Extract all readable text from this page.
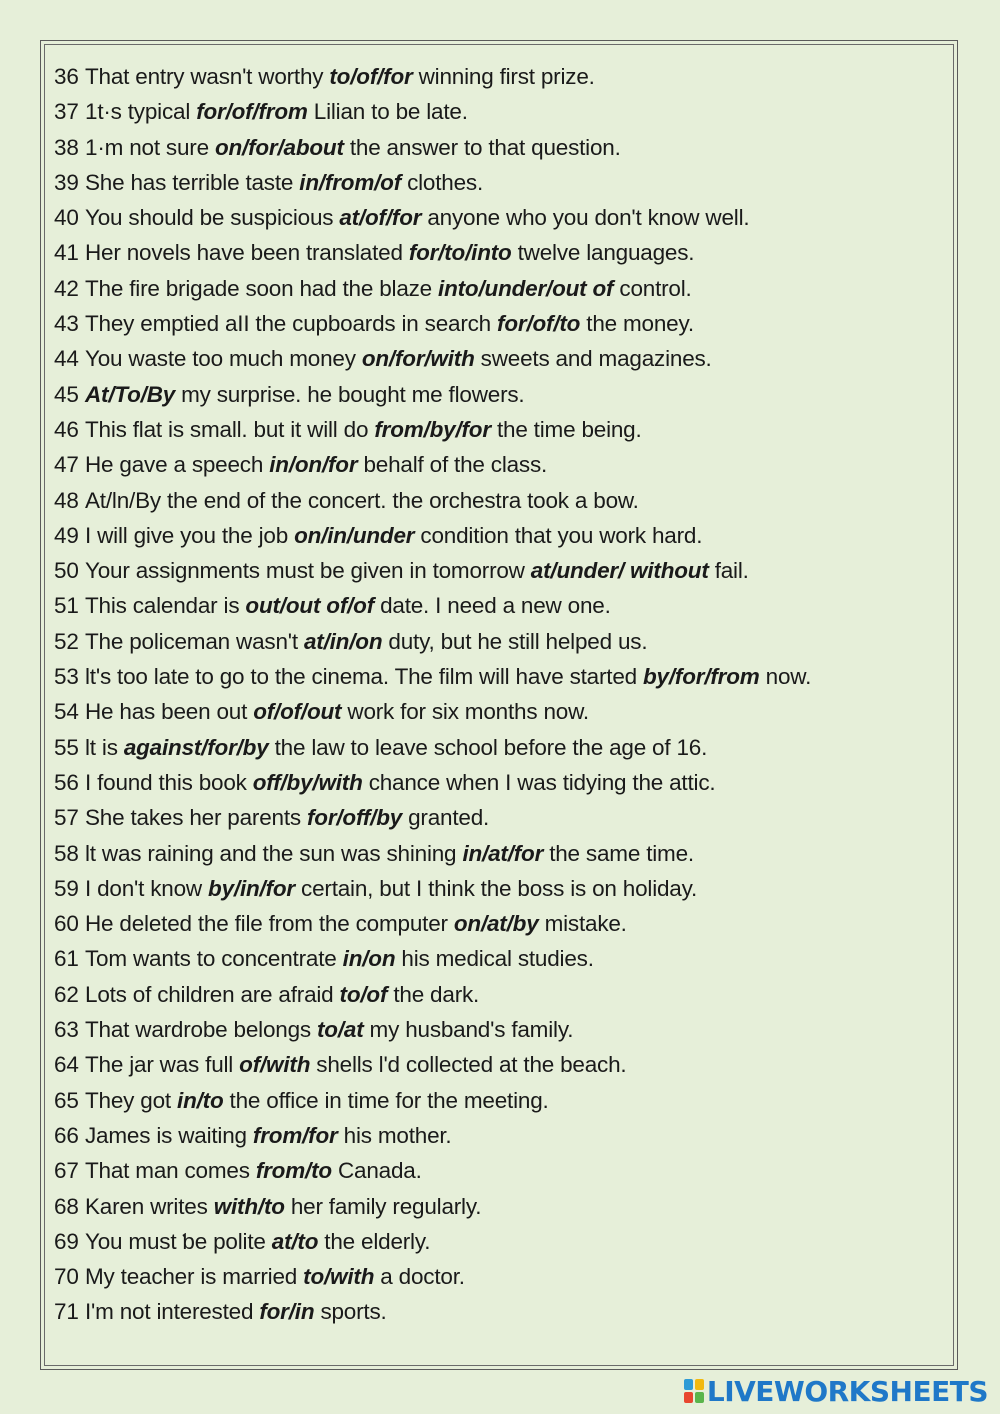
36 That entry wasn't worthy to/of/for winning first prize.
37 1t·s typical for/of/from Lilian to be late.
38 1·m not sure on/for/about the answer to that question.
39 She has terrible taste in/from/of clothes.
40 You should be suspicious at/of/for anyone who you don't know well.
41 Her novels have been translated for/to/into twelve languages.
42 The fire brigade soon had the blaze into/under/out of control.
43 They emptied aII the cupboards in search for/of/to the money.
44 You waste too much money on/for/with sweets and magazines.
45 At/To/By my surprise. he bought me flowers.
46 This flat is small. but it will do from/by/for the time being.
47 He gave a speech in/on/for behalf of the class.
48 At/ln/By the end of the concert. the orchestra took a bow.
49 I will give you the job on/in/under condition that you work hard.
50 Your assignments must be given in tomorrow at/under/ without fail.
51 This calendar is out/out of/of date. I need a new one.
52 The policeman wasn't at/in/on duty, but he still helped us.
53 lt's too late to go to the cinema. The film will have started by/for/from now.
54 He has been out of/of/out work for six months now.
55 lt is against/for/by the law to leave school before the age of 16.
56 I found this book off/by/with chance when I was tidying the attic.
57 She takes her parents for/off/by granted.
58 lt was raining and the sun was shining in/at/for the same time.
59 I don't know by/in/for certain, but I think the boss is on holiday.
60 He deleted the file from the computer on/at/by mistake.
61 Tom wants to concentrate in/on his medical studies.
62 Lots of children are afraid to/of the dark.
63 That wardrobe belongs to/at my husband's family.
64 The jar was full of/with shells l'd collected at the beach.
65 They got in/to the office in time for the meeting.
66 James is waiting from/for his mother.
67 That man comes from/to Canada.
68 Karen writes with/to her family regularly.
69 You must ƅe polite at/to the elderly.
70 My teacher is married to/with a doctor.
71 I'm not interested for/in sports.
LIVEWORKSHEETS
